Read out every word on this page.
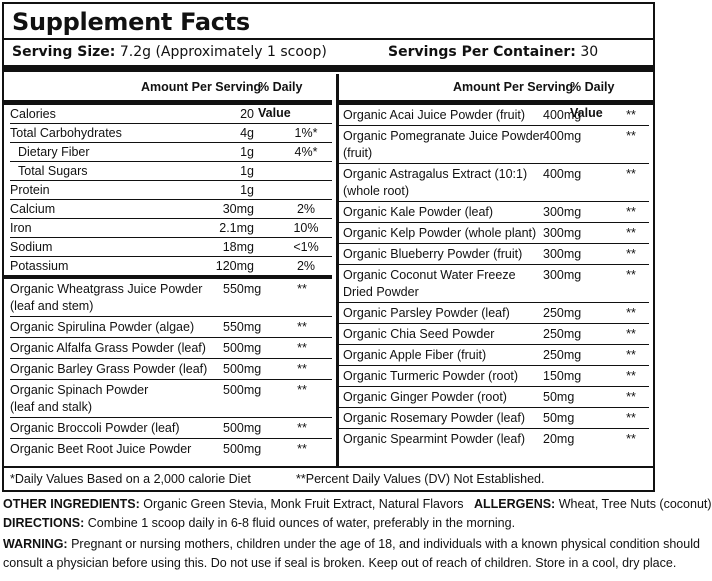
Supplement Facts
Serving Size: 7.2g (Approximately 1 scoop)	Servings Per Container: 30
Amount Per Serving
% Daily Value
Calories	20
Total Carbohydrates	4g	1%*
Dietary Fiber	1g	4%*
Total Sugars	1g
Protein	1g
Calcium	30mg	2%
Iron	2.1mg	10%
Sodium	18mg	<1%
Potassium	120mg	2%
Organic Wheatgrass Juice Powder
(leaf and stem)
550mg	**
Organic Spirulina Powder (algae) 550mg	**
Organic Alfalfa Grass Powder (leaf) 500mg	**
Organic Barley Grass Powder (leaf) 500mg	**
Organic Spinach Powder
(leaf and stalk)
500mg	**
Organic Broccoli Powder (leaf)	500mg	**
Organic Beet Root Juice Powder	500mg	**
Amount Per Serving
% Daily Value
Organic Acai Juice Powder (fruit) 400mg	**
Organic Pomegranate Juice Powder
(fruit)
400mg	**
Organic Astragalus Extract (10:1)
(whole root)
400mg	**
Organic Kale Powder (leaf)	300mg	**
Organic Kelp Powder (whole plant) 300mg	**
Organic Blueberry Powder (fruit) 300mg	**
Organic Coconut Water Freeze
Dried Powder
300mg	**
Organic Parsley Powder (leaf)	250mg	**
Organic Chia Seed Powder	250mg	**
Organic Apple Fiber (fruit)	250mg	**
Organic Turmeric Powder (root) 150mg	**
Organic Ginger Powder (root)	50mg	**
Organic Rosemary Powder (leaf) 50mg	**
Organic Spearmint Powder (leaf) 20mg	**
*Daily Values Based on a 2,000 calorie Diet	**Percent Daily Values (DV) Not Established.
OTHER INGREDIENTS: Organic Green Stevia, Monk Fruit Extract, Natural Flavors ALLERGENS: Wheat, Tree Nuts (coconut)
DIRECTIONS: Combine 1 scoop daily in 6-8 fluid ounces of water, preferably in the morning.
WARNING: Pregnant or nursing mothers, children under the age of 18, and individuals with a known physical condition should
consult a physician before using this. Do not use if seal is broken. Keep out of reach of children. Store in a cool, dry place.
